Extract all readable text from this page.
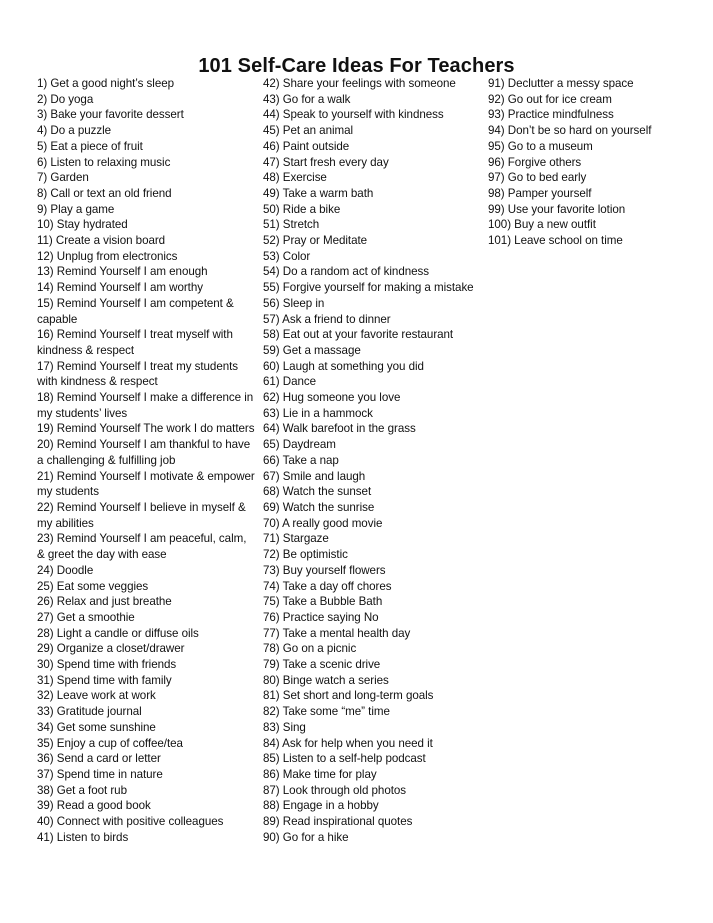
101 Self-Care Ideas For Teachers
1) Get a good night’s sleep
2) Do yoga
3) Bake your favorite dessert
4) Do a puzzle
5) Eat a piece of fruit
6) Listen to relaxing music
7) Garden
8) Call or text an old friend
9) Play a game
10) Stay hydrated
11) Create a vision board
12) Unplug from electronics
13) Remind Yourself I am enough
14) Remind Yourself I am worthy
15) Remind Yourself I am competent & capable
16) Remind Yourself I treat myself with kindness & respect
17) Remind Yourself I treat my students with kindness & respect
18) Remind Yourself I make a difference in my students’ lives
19) Remind Yourself The work I do matters
20) Remind Yourself I am thankful to have a challenging & fulfilling job
21) Remind Yourself I motivate & empower my students
22) Remind Yourself I believe in myself & my abilities
23) Remind Yourself I am peaceful, calm, & greet the day with ease
24) Doodle
25) Eat some veggies
26) Relax and just breathe
27) Get a smoothie
28) Light a candle or diffuse oils
29) Organize a closet/drawer
30) Spend time with friends
31) Spend time with family
32) Leave work at work
33) Gratitude journal
34) Get some sunshine
35) Enjoy a cup of coffee/tea
36) Send a card or letter
37) Spend time in nature
38) Get a foot rub
39) Read a good book
40) Connect with positive colleagues
41) Listen to birds
42) Share your feelings with someone
43) Go for a walk
44) Speak to yourself with kindness
45) Pet an animal
46) Paint outside
47) Start fresh every day
48) Exercise
49) Take a warm bath
50) Ride a bike
51) Stretch
52) Pray or Meditate
53) Color
54) Do a random act of kindness
55) Forgive yourself for making a mistake
56) Sleep in
57) Ask a friend to dinner
58) Eat out at your favorite restaurant
59) Get a massage
60) Laugh at something you did
61) Dance
62) Hug someone you love
63) Lie in a hammock
64) Walk barefoot in the grass
65) Daydream
66) Take a nap
67) Smile and laugh
68) Watch the sunset
69) Watch the sunrise
70) A really good movie
71) Stargaze
72) Be optimistic
73) Buy yourself flowers
74) Take a day off chores
75) Take a Bubble Bath
76) Practice saying No
77) Take a mental health day
78) Go on a picnic
79) Take a scenic drive
80) Binge watch a series
81) Set short and long-term goals
82) Take some “me” time
83) Sing
84) Ask for help when you need it
85) Listen to a self-help podcast
86) Make time for play
87) Look through old photos
88) Engage in a hobby
89) Read inspirational quotes
90) Go for a hike
91) Declutter a messy space
92) Go out for ice cream
93) Practice mindfulness
94) Don’t be so hard on yourself
95) Go to a museum
96) Forgive others
97) Go to bed early
98) Pamper yourself
99) Use your favorite lotion
100) Buy a new outfit
101) Leave school on time
